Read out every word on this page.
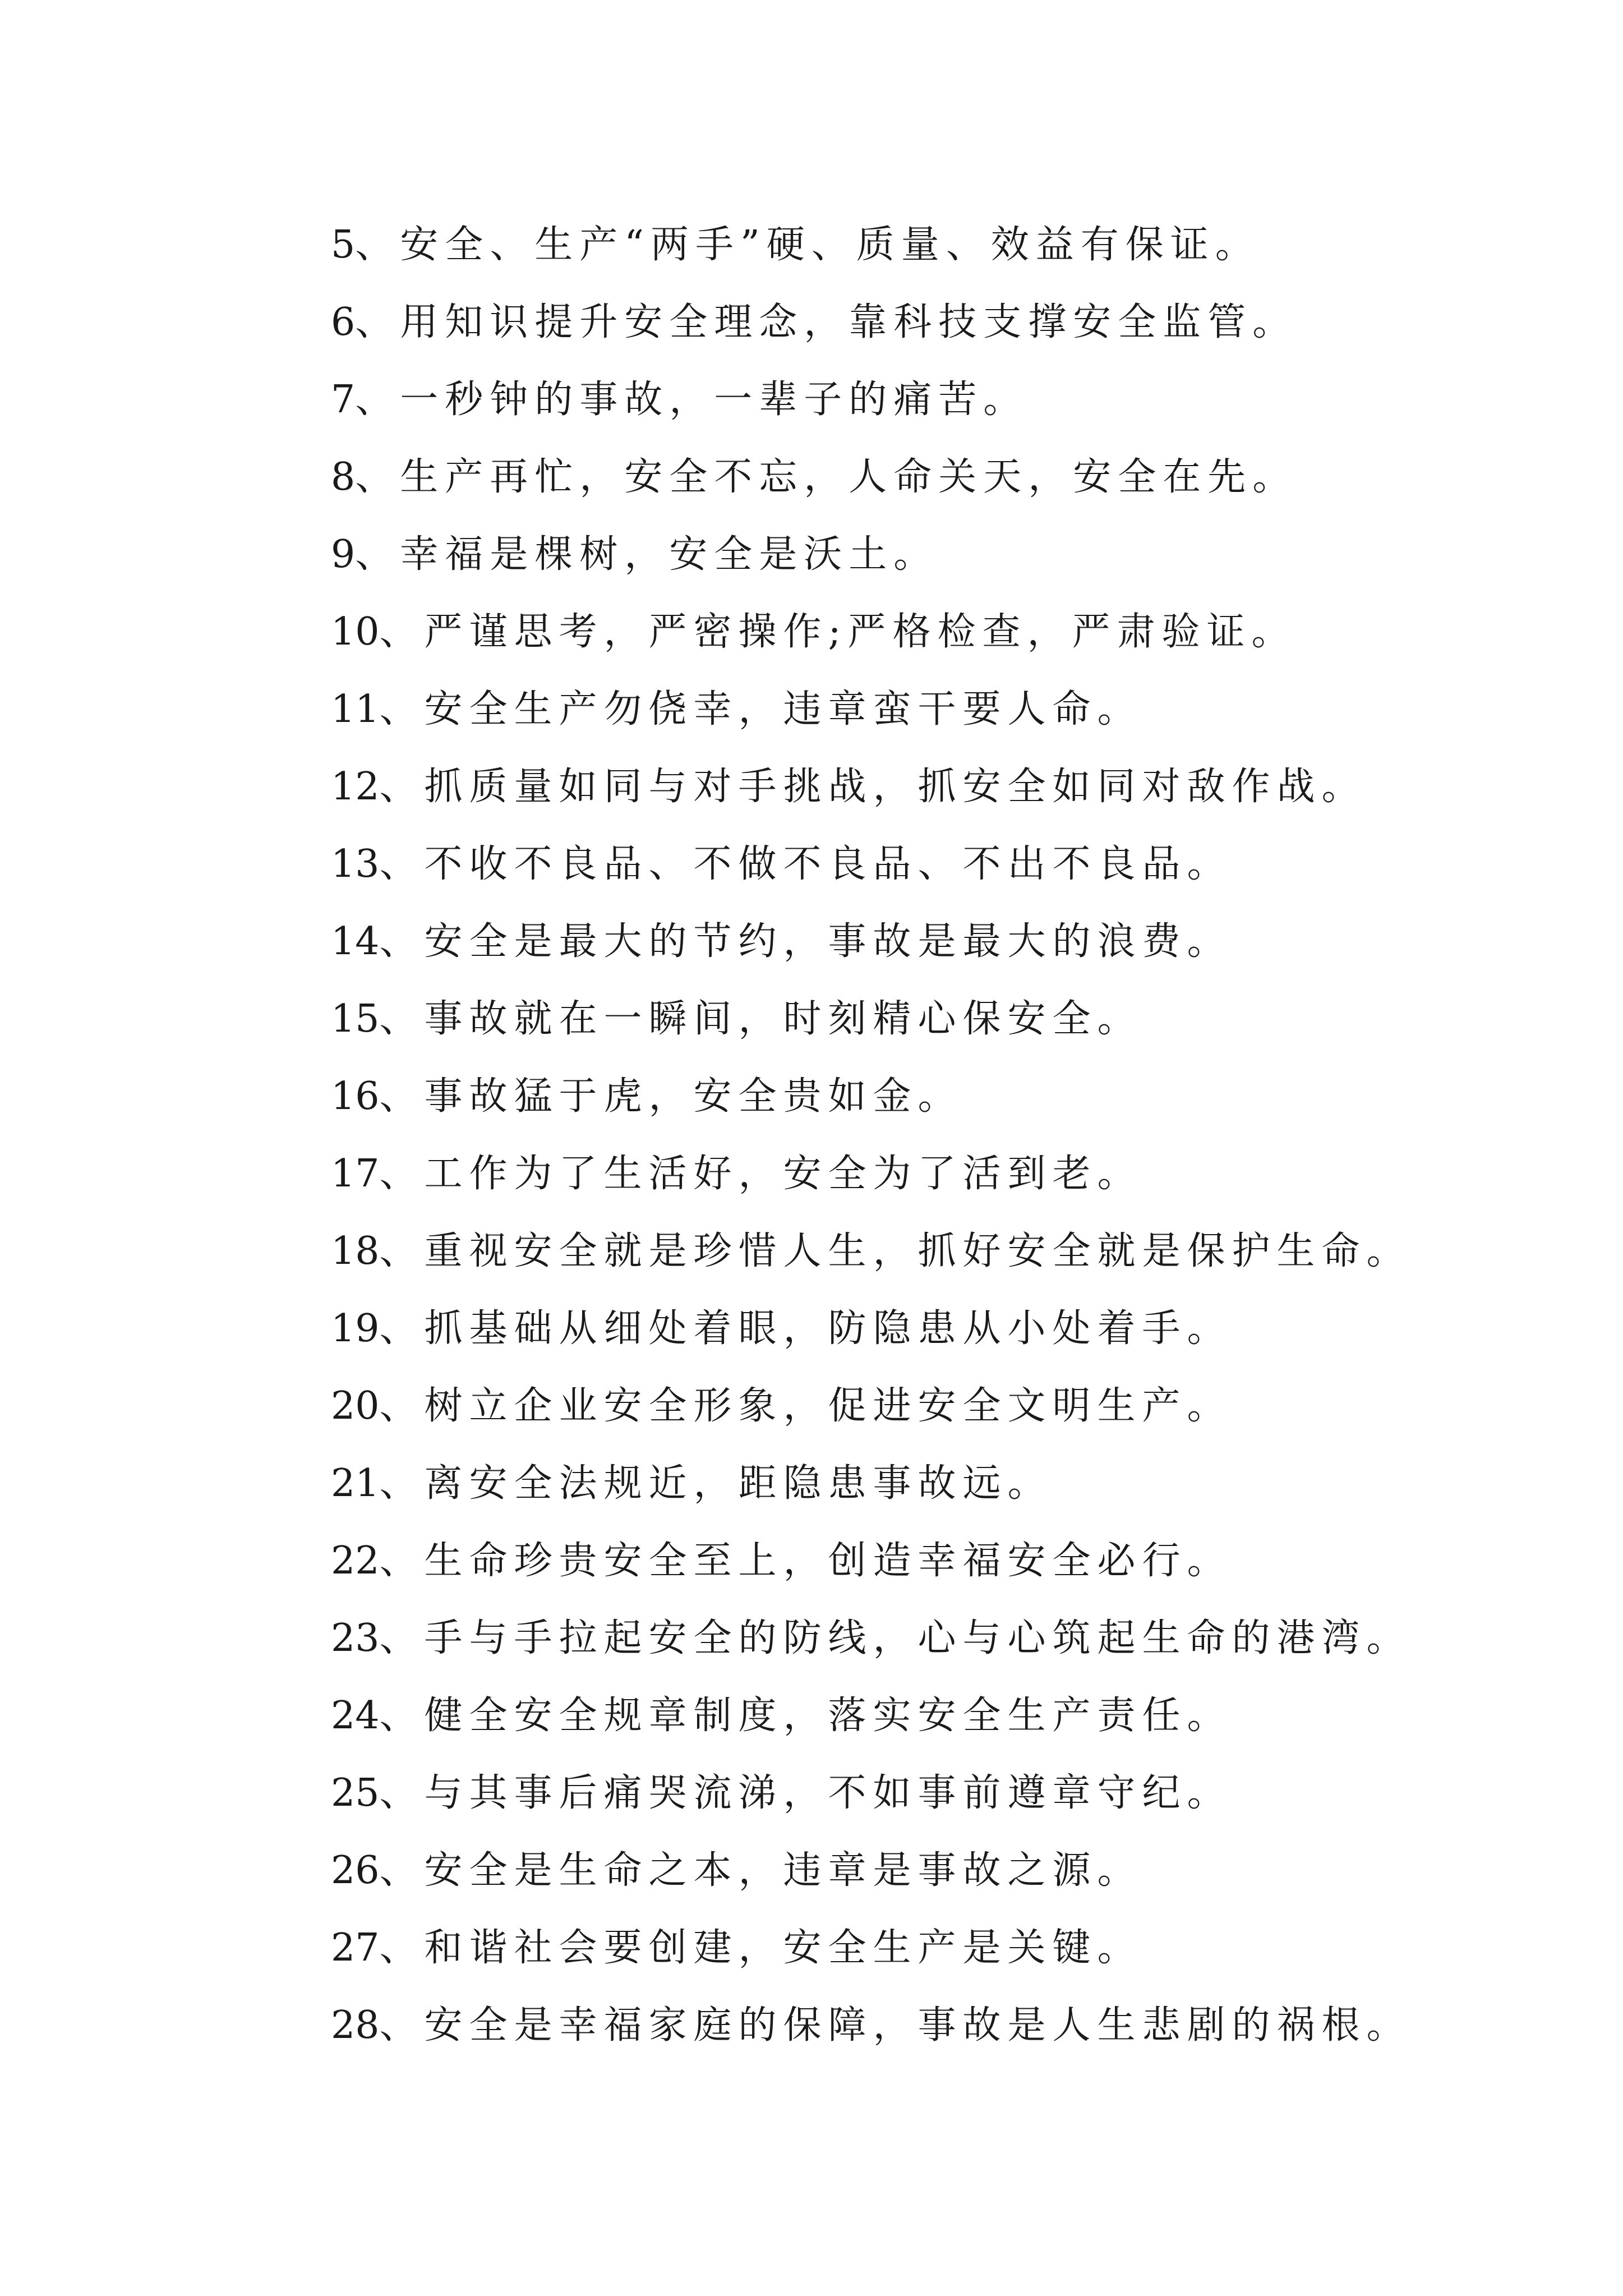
5、安全、生产“两手”硬、质量、效益有保证。
6、用知识提升安全理念，靠科技支撑安全监管。
7、一秒钟的事故，一辈子的痛苦。
8、生产再忙，安全不忘，人命关天，安全在先。
9、幸福是棵树，安全是沃土。
10、严谨思考，严密操作;严格检查，严肃验证。
11、安全生产勿侥幸，违章蛮干要人命。
12、抓质量如同与对手挑战，抓安全如同对敌作战。
13、不收不良品、不做不良品、不出不良品。
14、安全是最大的节约，事故是最大的浪费。
15、事故就在一瞬间，时刻精心保安全。
16、事故猛于虎，安全贵如金。
17、工作为了生活好，安全为了活到老。
18、重视安全就是珍惜人生，抓好安全就是保护生命。
19、抓基础从细处着眼，防隐患从小处着手。
20、树立企业安全形象，促进安全文明生产。
21、离安全法规近，距隐患事故远。
22、生命珍贵安全至上，创造幸福安全必行。
23、手与手拉起安全的防线，心与心筑起生命的港湾。
24、健全安全规章制度，落实安全生产责任。
25、与其事后痛哭流涕，不如事前遵章守纪。
26、安全是生命之本，违章是事故之源。
27、和谐社会要创建，安全生产是关键。
28、安全是幸福家庭的保障，事故是人生悲剧的祸根。
